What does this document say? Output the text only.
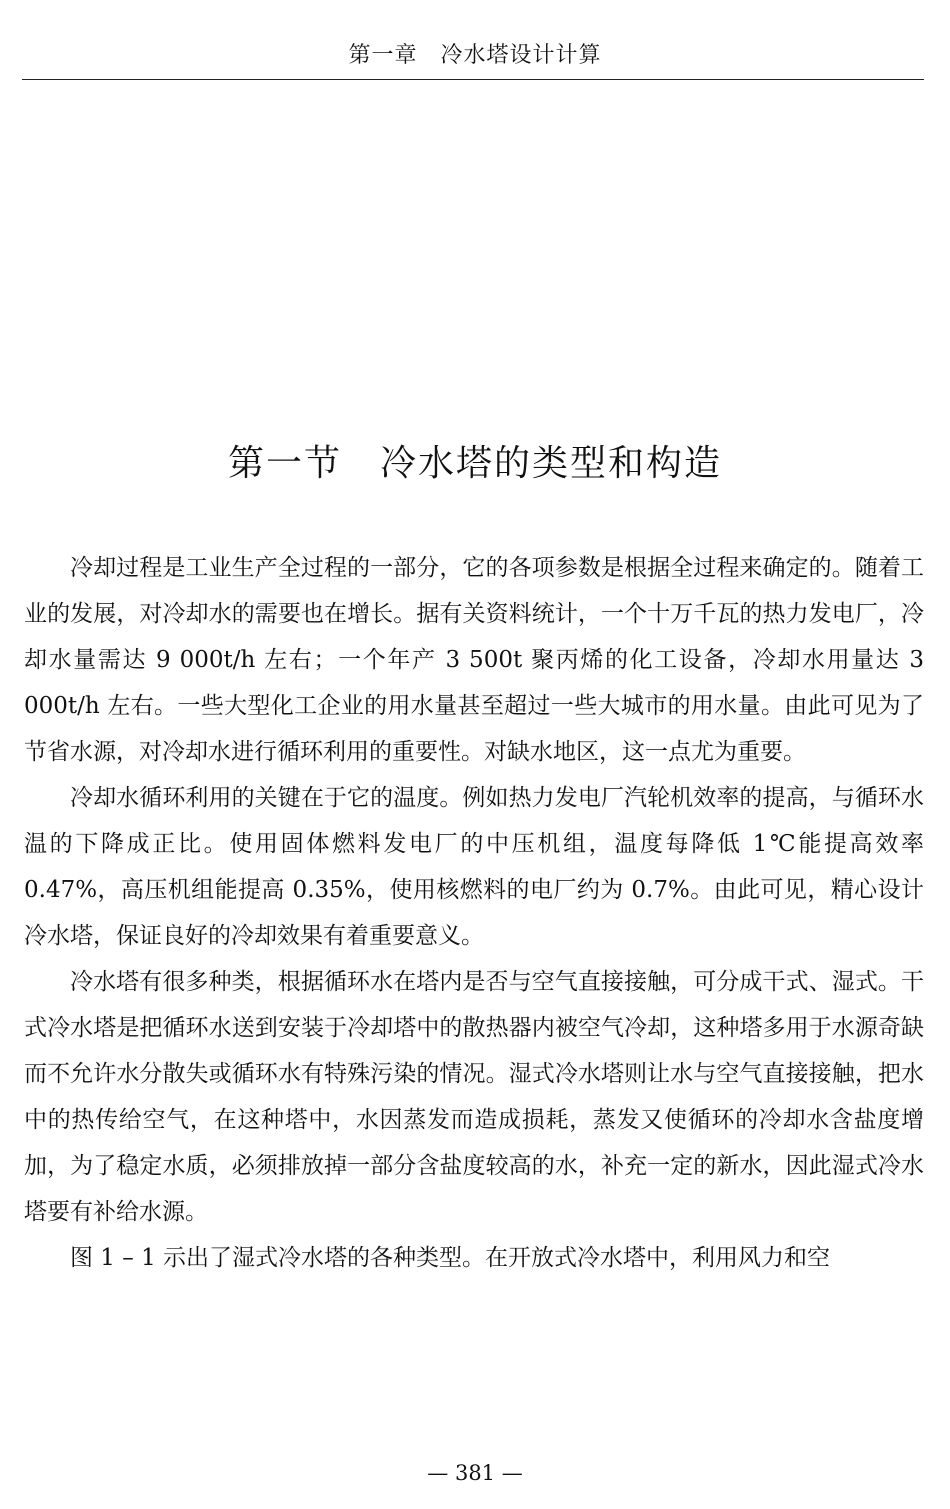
第一章　冷水塔设计计算
第一节　冷水塔的类型和构造

冷却过程是工业生产全过程的一部分，它的各项参数是根据全过程来确定的。随着工业的发展，对冷却水的需要也在增长。据有关资料统计，一个十万千瓦的热力发电厂，冷却水量需达 9 000t/h 左右；一个年产 3 500t 聚丙烯的化工设备，冷却水用量达 3 000t/h 左右。一些大型化工企业的用水量甚至超过一些大城市的用水量。由此可见为了节省水源，对冷却水进行循环利用的重要性。对缺水地区，这一点尤为重要。

冷却水循环利用的关键在于它的温度。例如热力发电厂汽轮机效率的提高，与循环水温的下降成正比。使用固体燃料发电厂的中压机组，温度每降低 1℃能提高效率 0.47%，高压机组能提高 0.35%，使用核燃料的电厂约为 0.7%。由此可见，精心设计冷水塔，保证良好的冷却效果有着重要意义。

冷水塔有很多种类，根据循环水在塔内是否与空气直接接触，可分成干式、湿式。干式冷水塔是把循环水送到安装于冷却塔中的散热器内被空气冷却，这种塔多用于水源奇缺而不允许水分散失或循环水有特殊污染的情况。湿式冷水塔则让水与空气直接接触，把水中的热传给空气，在这种塔中，水因蒸发而造成损耗，蒸发又使循环的冷却水含盐度增加，为了稳定水质，必须排放掉一部分含盐度较高的水，补充一定的新水，因此湿式冷水塔要有补给水源。

图 1 – 1 示出了湿式冷水塔的各种类型。在开放式冷水塔中，利用风力和空

— 381 —
